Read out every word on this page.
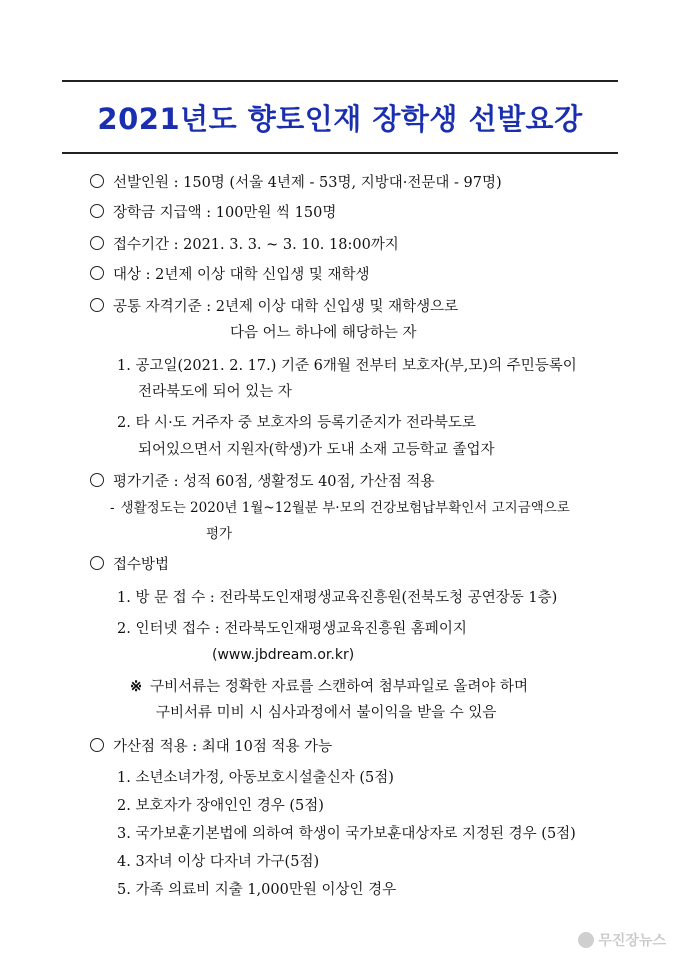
2021년도 향토인재 장학생 선발요강
선발인원 : 150명 (서울 4년제 - 53명, 지방대·전문대 - 97명)
장학금 지급액 : 100만원 씩 150명
접수기간 : 2021. 3. 3. ~ 3. 10. 18:00까지
대상 : 2년제 이상 대학 신입생 및 재학생
공통 자격기준 : 2년제 이상 대학 신입생 및 재학생으로
다음 어느 하나에 해당하는 자
1. 공고일(2021. 2. 17.) 기준 6개월 전부터 보호자(부,모)의 주민등록이
전라북도에 되어 있는 자
2. 타 시·도 거주자 중 보호자의 등록기준지가 전라북도로
되어있으면서 지원자(학생)가 도내 소재 고등학교 졸업자
평가기준 : 성적 60점, 생활정도 40점, 가산점 적용
- 생활정도는 2020년 1월~12월분 부·모의 건강보험납부확인서 고지금액으로
평가
접수방법
1. 방 문 접 수 : 전라북도인재평생교육진흥원(전북도청 공연장동 1층)
2. 인터넷 접수 : 전라북도인재평생교육진흥원 홈페이지
(www.jbdream.or.kr)
※ 구비서류는 정확한 자료를 스캔하여 첨부파일로 올려야 하며
구비서류 미비 시 심사과정에서 불이익을 받을 수 있음
가산점 적용 : 최대 10점 적용 가능
1. 소년소녀가정, 아동보호시설출신자 (5점)
2. 보호자가 장애인인 경우 (5점)
3. 국가보훈기본법에 의하여 학생이 국가보훈대상자로 지정된 경우 (5점)
4. 3자녀 이상 다자녀 가구(5점)
5. 가족 의료비 지출 1,000만원 이상인 경우
무진장뉴스
